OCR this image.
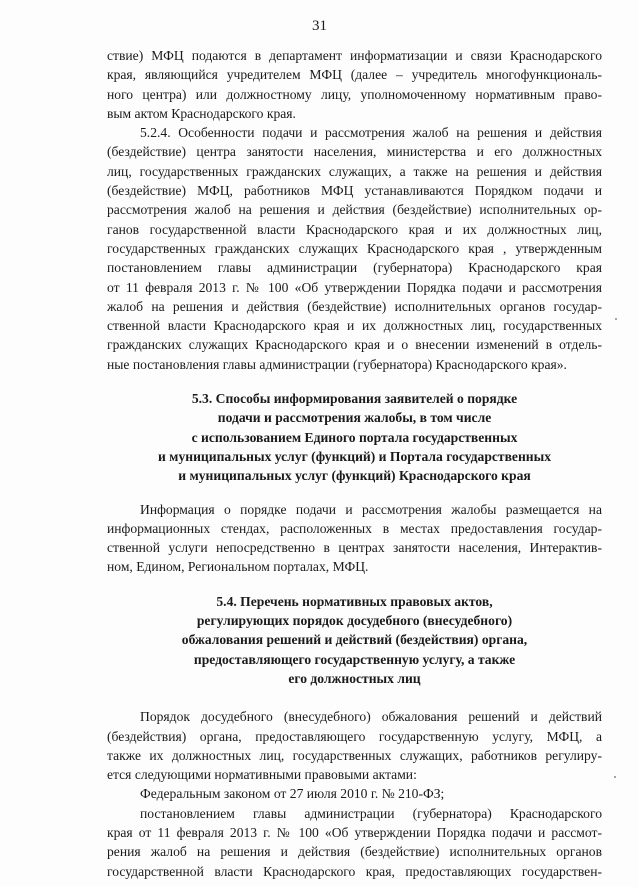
31
ствие) МФЦ подаются в департамент информатизации и связи Краснодарского
края, являющийся учредителем МФЦ (далее – учредитель многофункциональ-
ного центра) или должностному лицу, уполномоченному нормативным право-
вым актом Краснодарского края.
5.2.4. Особенности подачи и рассмотрения жалоб на решения и действия
(бездействие) центра занятости населения, министерства и его должностных
лиц, государственных гражданских служащих, а также на решения и действия
(бездействие) МФЦ, работников МФЦ устанавливаются Порядком подачи и
рассмотрения жалоб на решения и действия (бездействие) исполнительных ор-
ганов государственной власти Краснодарского края и их должностных лиц,
государственных гражданских служащих Краснодарского края , утвержденным
постановлением главы администрации (губернатора) Краснодарского края
от 11 февраля 2013 г. № 100 «Об утверждении Порядка подачи и рассмотрения
жалоб на решения и действия (бездействие) исполнительных органов государ-
ственной власти Краснодарского края и их должностных лиц, государственных
гражданских служащих Краснодарского края и о внесении изменений в отдель-
ные постановления главы администрации (губернатора) Краснодарского края».
5.3. Способы информирования заявителей о порядке
подачи и рассмотрения жалобы, в том числе
с использованием Единого портала государственных
и муниципальных услуг (функций) и Портала государственных
и муниципальных услуг (функций) Краснодарского края
Информация о порядке подачи и рассмотрения жалобы размещается на
информационных стендах, расположенных в местах предоставления государ-
ственной услуги непосредственно в центрах занятости населения, Интерактив-
ном, Едином, Региональном порталах, МФЦ.
5.4. Перечень нормативных правовых актов,
регулирующих порядок досудебного (внесудебного)
обжалования решений и действий (бездействия) органа,
предоставляющего государственную услугу, а также
его должностных лиц
Порядок досудебного (внесудебного) обжалования решений и действий
(бездействия) органа, предоставляющего государственную услугу, МФЦ, а
также их должностных лиц, государственных служащих, работников регулиру-
ется следующими нормативными правовыми актами:
Федеральным законом от 27 июля 2010 г. № 210-ФЗ;
постановлением главы администрации (губернатора) Краснодарского
края от 11 февраля 2013 г. № 100 «Об утверждении Порядка подачи и рассмот-
рения жалоб на решения и действия (бездействие) исполнительных органов
государственной власти Краснодарского края, предоставляющих государствен-
